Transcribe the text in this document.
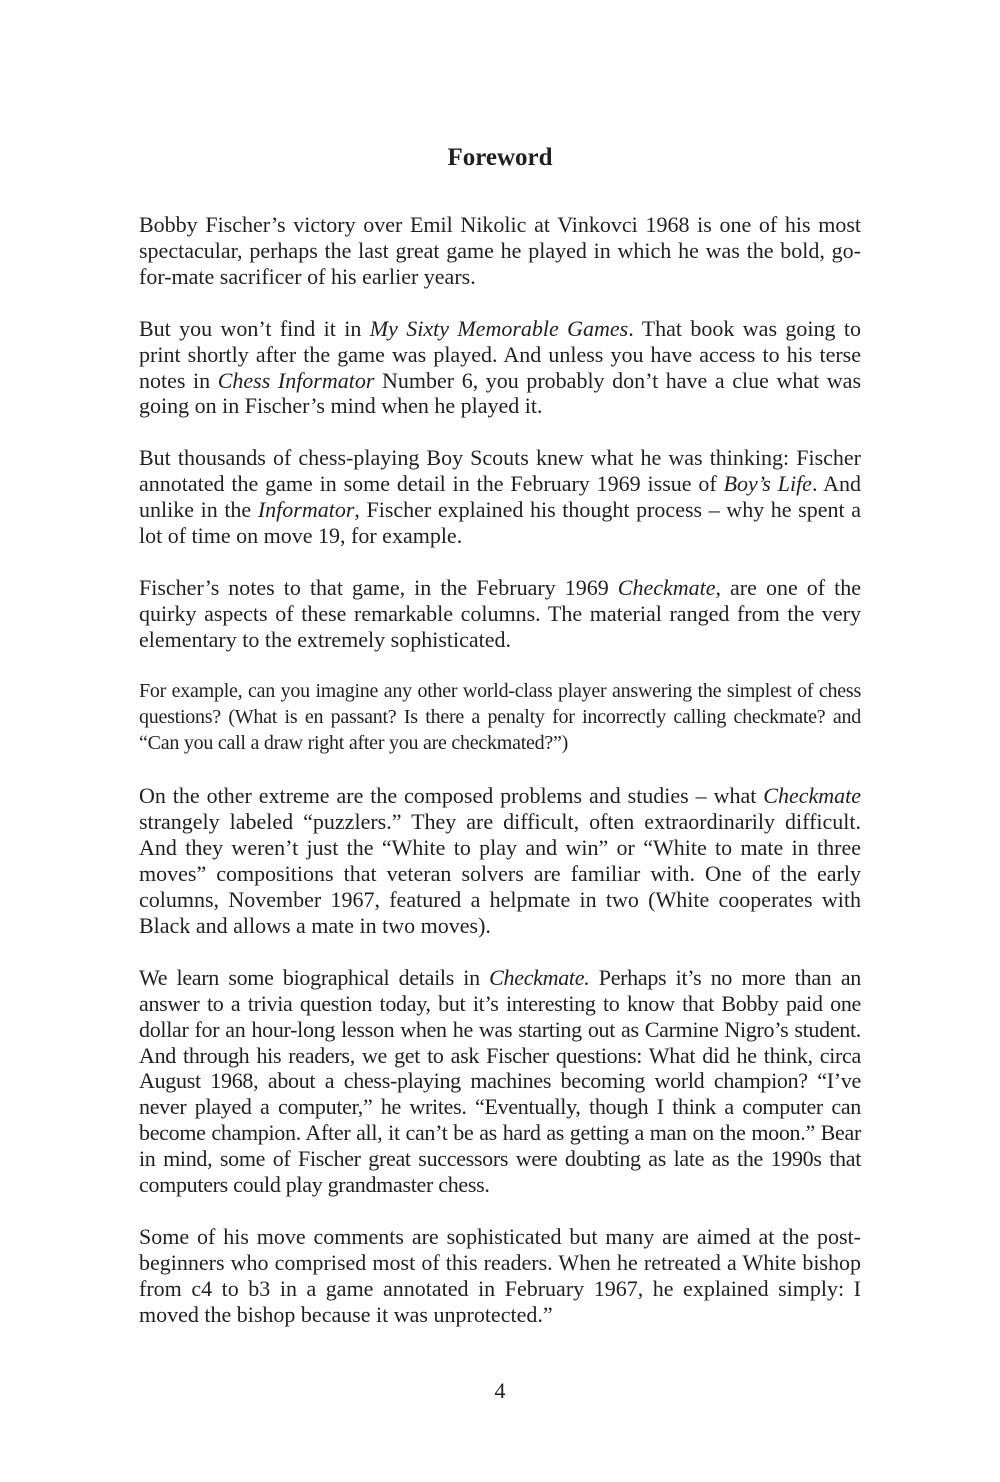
Foreword

Bobby Fischer’s victory over Emil Nikolic at Vinkovci 1968 is one of his most spectacular, perhaps the last great game he played in which he was the bold, go-for-mate sacrificer of his earlier years.

But you won’t find it in My Sixty Memorable Games. That book was going to print shortly after the game was played. And unless you have access to his terse notes in Chess Informator Number 6, you probably don’t have a clue what was going on in Fischer’s mind when he played it.

But thousands of chess-playing Boy Scouts knew what he was thinking: Fischer annotated the game in some detail in the February 1969 issue of Boy’s Life. And unlike in the Informator, Fischer explained his thought process – why he spent a lot of time on move 19, for example.

Fischer’s notes to that game, in the February 1969 Checkmate, are one of the quirky aspects of these remarkable columns. The material ranged from the very elementary to the extremely sophisticated.

For example, can you imagine any other world-class player answering the simplest of chess questions? (What is en passant? Is there a penalty for incorrectly calling checkmate? and “Can you call a draw right after you are checkmated?”)

On the other extreme are the composed problems and studies – what Checkmate strangely labeled “puzzlers.” They are difficult, often extraordinarily difficult. And they weren’t just the “White to play and win” or “White to mate in three moves” compositions that veteran solvers are familiar with. One of the early columns, November 1967, featured a helpmate in two (White cooperates with Black and allows a mate in two moves).

We learn some biographical details in Checkmate. Perhaps it’s no more than an answer to a trivia question today, but it’s interesting to know that Bobby paid one dollar for an hour-long lesson when he was starting out as Carmine Nigro’s student. And through his readers, we get to ask Fischer questions: What did he think, circa August 1968, about a chess-playing machines becoming world champion? “I’ve never played a computer,” he writes. “Eventually, though I think a computer can become champion. After all, it can’t be as hard as getting a man on the moon.” Bear in mind, some of Fischer great successors were doubting as late as the 1990s that computers could play grandmaster chess.

Some of his move comments are sophisticated but many are aimed at the post-beginners who comprised most of this readers. When he retreated a White bishop from c4 to b3 in a game annotated in February 1967, he explained simply: I moved the bishop because it was unprotected.”

4
